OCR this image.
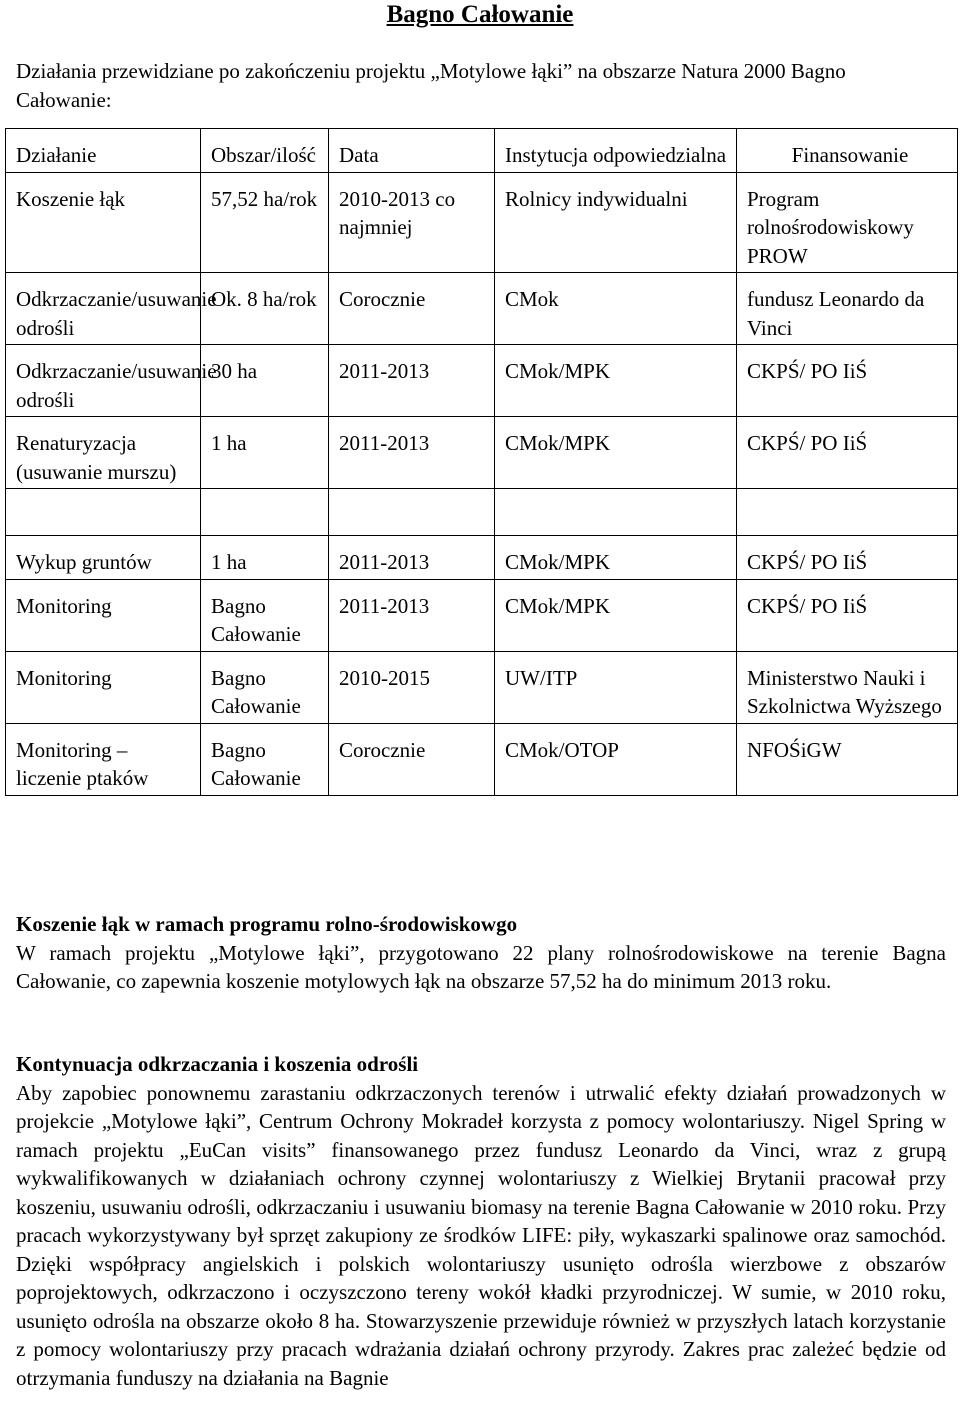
Bagno Całowanie
Działania przewidziane po zakończeniu projektu „Motylowe łąki” na obszarze Natura 2000 Bagno Całowanie:
Działanie	Obszar/ilość	Data	Instytucja odpowiedzialna	Finansowanie
Koszenie łąk	57,52 ha/rok	2010-2013 co najmniej	Rolnicy indywidualni	Program rolnośrodowiskowy PROW
Odkrzaczanie/usuwanie odrośli	Ok. 8 ha/rok	Corocznie	CMok	fundusz Leonardo da Vinci
Odkrzaczanie/usuwanie odrośli	30 ha	2011-2013	CMok/MPK	CKPŚ/ PO IiŚ
Renaturyzacja (usuwanie murszu)	1 ha	2011-2013	CMok/MPK	CKPŚ/ PO IiŚ

Wykup gruntów	1 ha	2011-2013	CMok/MPK	CKPŚ/ PO IiŚ
Monitoring	Bagno Całowanie	2011-2013	CMok/MPK	CKPŚ/ PO IiŚ
Monitoring	Bagno Całowanie	2010-2015	UW/ITP	Ministerstwo Nauki i Szkolnictwa Wyższego
Monitoring – liczenie ptaków	Bagno Całowanie	Corocznie	CMok/OTOP	NFOŚiGW
Koszenie łąk w ramach programu rolno-środowiskowgo

W ramach projektu „Motylowe łąki”, przygotowano 22 plany rolnośrodowiskowe na terenie Bagna Całowanie, co zapewnia koszenie motylowych łąk na obszarze 57,52 ha do minimum 2013 roku.

Kontynuacja odkrzaczania i koszenia odrośli

Aby zapobiec ponownemu zarastaniu odkrzaczonych terenów i utrwalić efekty działań prowadzonych w projekcie „Motylowe łąki”, Centrum Ochrony Mokradeł korzysta z pomocy wolontariuszy. Nigel Spring w ramach projektu „EuCan visits” finansowanego przez fundusz Leonardo da Vinci, wraz z grupą wykwalifikowanych w działaniach ochrony czynnej wolontariuszy z Wielkiej Brytanii pracował przy koszeniu, usuwaniu odrośli, odkrzaczaniu i usuwaniu biomasy na terenie Bagna Całowanie w 2010 roku. Przy pracach wykorzystywany był sprzęt zakupiony ze środków LIFE: piły, wykaszarki spalinowe oraz samochód. Dzięki współpracy angielskich i polskich wolontariuszy usunięto odrośla wierzbowe z obszarów poprojektowych, odkrzaczono i oczyszczono tereny wokół kładki przyrodniczej. W sumie, w 2010 roku, usunięto odrośla na obszarze około 8 ha. Stowarzyszenie przewiduje również w przyszłych latach korzystanie z pomocy wolontariuszy przy pracach wdrażania działań ochrony przyrody. Zakres prac zależeć będzie od otrzymania funduszy na działania na Bagnie
